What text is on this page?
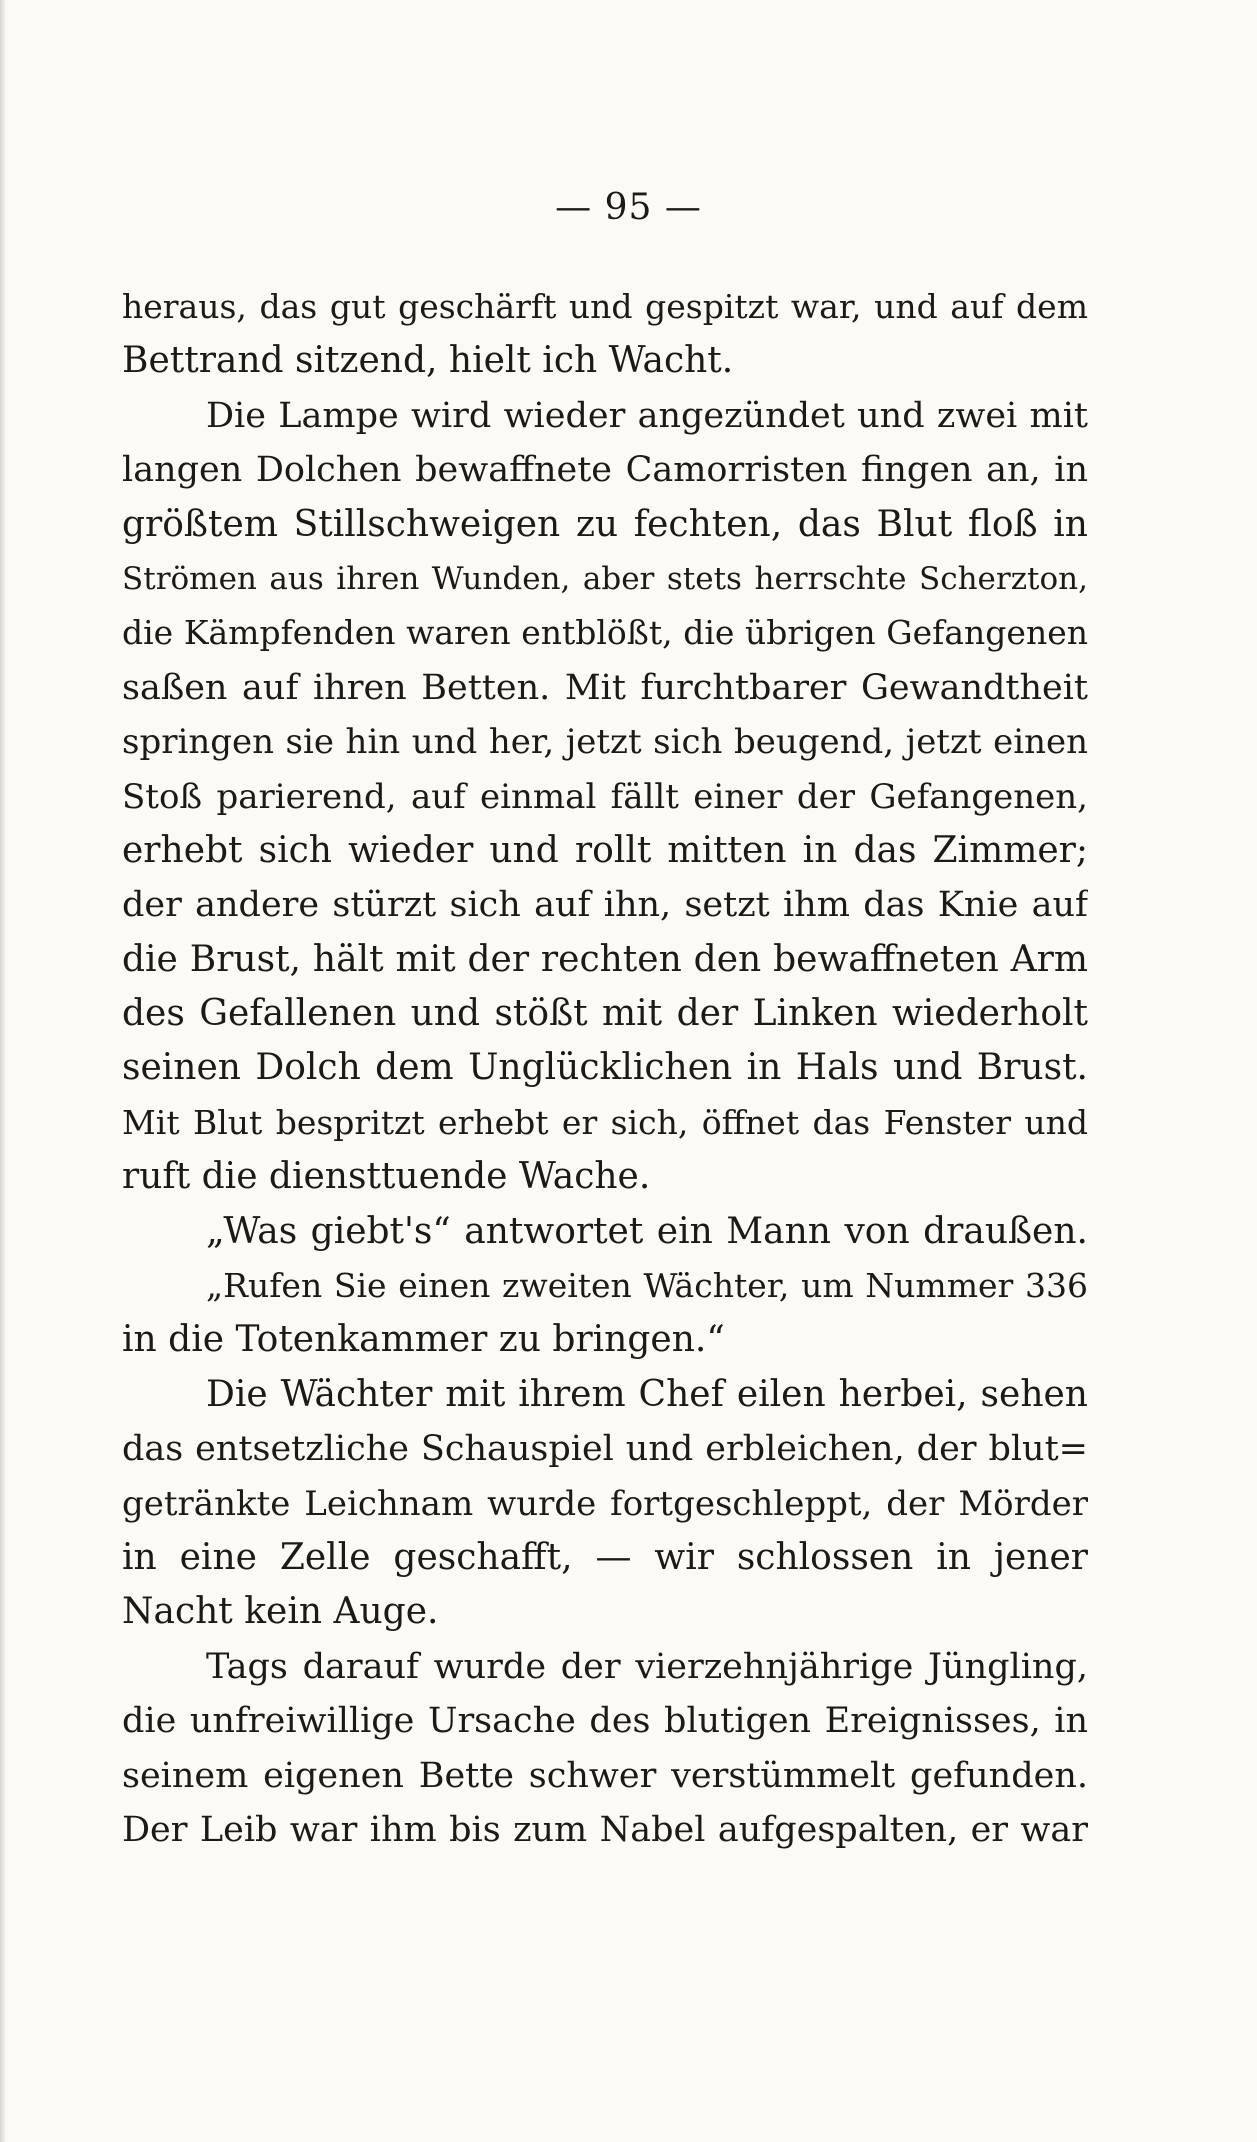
— 95 —
heraus, das gut geschärft und gespitzt war, und auf dem
Bettrand sitzend, hielt ich Wacht.
Die Lampe wird wieder angezündet und zwei mit
langen Dolchen bewaffnete Camorristen fingen an, in
größtem Stillschweigen zu fechten, das Blut floß in
Strömen aus ihren Wunden, aber stets herrschte Scherzton,
die Kämpfenden waren entblößt, die übrigen Gefangenen
saßen auf ihren Betten. Mit furchtbarer Gewandtheit
springen sie hin und her, jetzt sich beugend, jetzt einen
Stoß parierend, auf einmal fällt einer der Gefangenen,
erhebt sich wieder und rollt mitten in das Zimmer;
der andere stürzt sich auf ihn, setzt ihm das Knie auf
die Brust, hält mit der rechten den bewaffneten Arm
des Gefallenen und stößt mit der Linken wiederholt
seinen Dolch dem Unglücklichen in Hals und Brust.
Mit Blut bespritzt erhebt er sich, öffnet das Fenster und
ruft die diensttuende Wache.
„Was giebt's“ antwortet ein Mann von draußen.
„Rufen Sie einen zweiten Wächter, um Nummer 336
in die Totenkammer zu bringen.“
Die Wächter mit ihrem Chef eilen herbei, sehen
das entsetzliche Schauspiel und erbleichen, der blut=
getränkte Leichnam wurde fortgeschleppt, der Mörder
in eine Zelle geschafft, — wir schlossen in jener
Nacht kein Auge.
Tags darauf wurde der vierzehnjährige Jüngling,
die unfreiwillige Ursache des blutigen Ereignisses, in
seinem eigenen Bette schwer verstümmelt gefunden.
Der Leib war ihm bis zum Nabel aufgespalten, er war
